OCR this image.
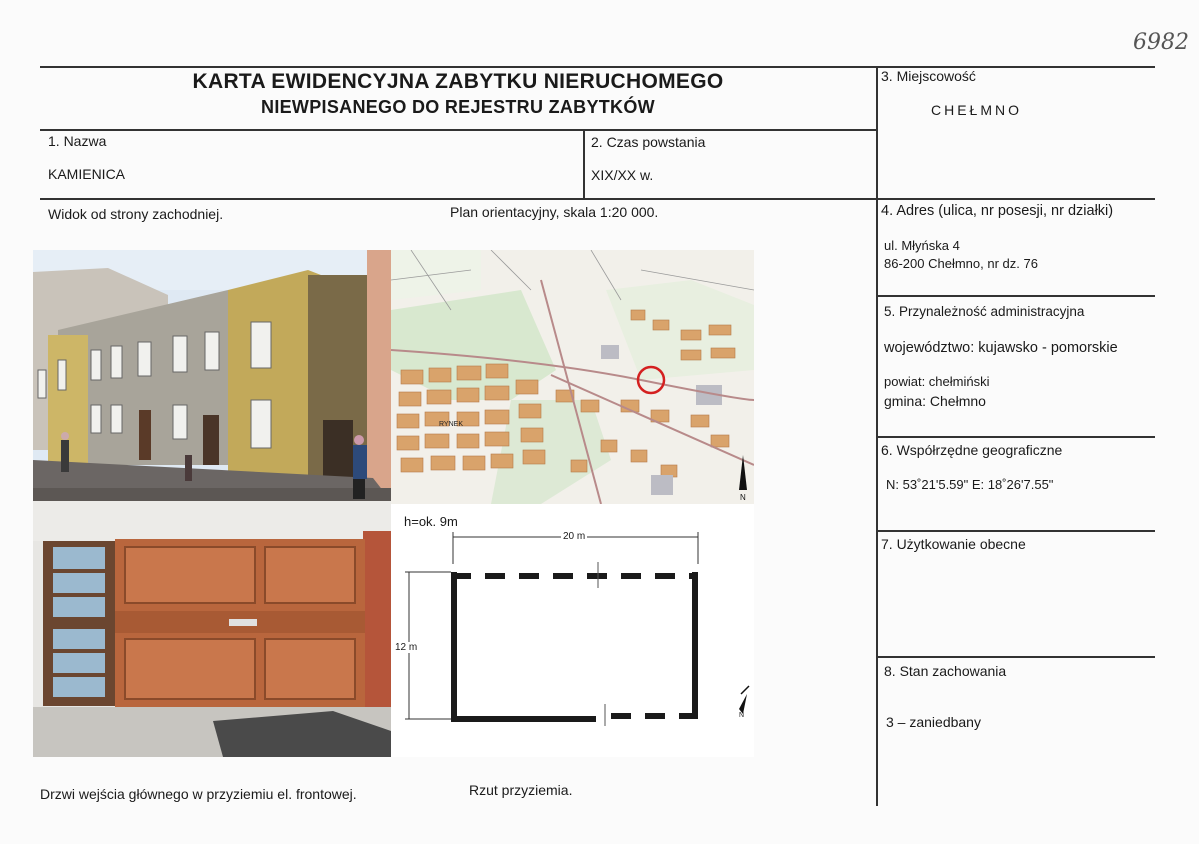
6982
KARTA EWIDENCYJNA ZABYTKU NIERUCHOMEGO
NIEWPISANEGO DO REJESTRU ZABYTKÓW
1. Nazwa
KAMIENICA
2. Czas powstania
XIX/XX w.
3. Miejscowość
CHEŁMNO
4. Adres (ulica, nr posesji, nr działki)
ul. Młyńska 4
86-200 Chełmno, nr dz. 76
5. Przynależność administracyjna
województwo: kujawsko - pomorskie
powiat: chełmiński
gmina: Chełmno
6. Współrzędne geograficzne
N: 53˚21'5.59" E: 18˚26'7.55"
7. Użytkowanie obecne
8. Stan zachowania
3 – zaniedbany
Widok od strony zachodniej.	Plan orientacyjny, skala 1:20 000.
Drzwi wejścia głównego w przyziemiu el. frontowej.	Rzut przyziemia.
RYNEK
N
h=ok. 9m
20 m
12 m
N
